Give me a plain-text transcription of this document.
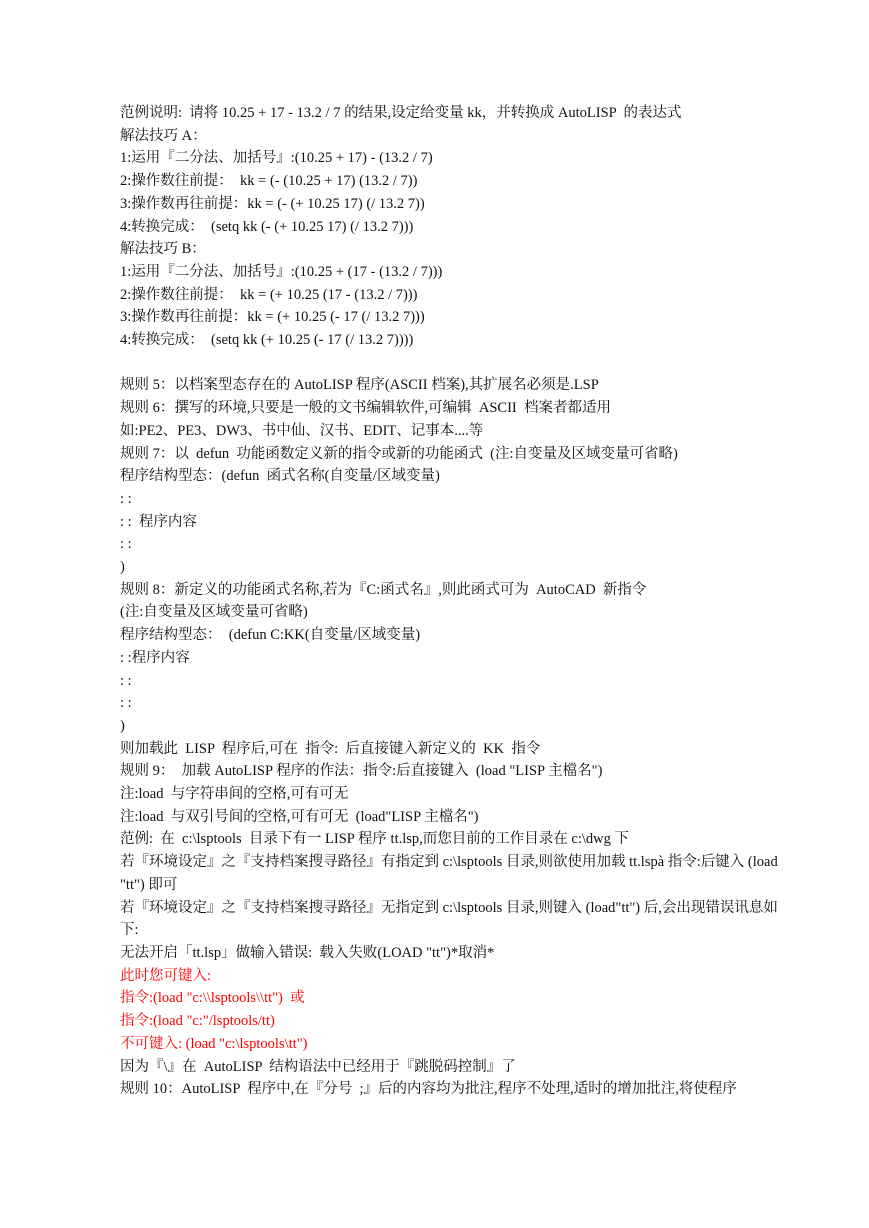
范例说明:  请将 10.25 + 17 - 13.2 / 7 的结果,设定给变量 kk，并转换成 AutoLISP  的表达式
解法技巧 A：
1:运用『二分法、加括号』:(10.25 + 17) - (13.2 / 7)
2:操作数往前提：  kk = (- (10.25 + 17) (13.2 / 7))
3:操作数再往前提：kk = (- (+ 10.25 17) (/ 13.2 7))
4:转换完成：  (setq kk (- (+ 10.25 17) (/ 13.2 7)))
解法技巧 B：
1:运用『二分法、加括号』:(10.25 + (17 - (13.2 / 7)))
2:操作数往前提：  kk = (+ 10.25 (17 - (13.2 / 7)))
3:操作数再往前提：kk = (+ 10.25 (- 17 (/ 13.2 7)))
4:转换完成：  (setq kk (+ 10.25 (- 17 (/ 13.2 7))))
规则 5：以档案型态存在的 AutoLISP 程序(ASCII 档案),其扩展名必须是.LSP
规则 6：撰写的环境,只要是一般的文书编辑软件,可编辑  ASCII  档案者都适用
如:PE2、PE3、DW3、书中仙、汉书、EDIT、记事本....等
规则 7：以  defun  功能函数定义新的指令或新的功能函式  (注:自变量及区域变量可省略)
程序结构型态：(defun  函式名称(自变量/区域变量)
: :
: :  程序内容
: :
)
规则 8：新定义的功能函式名称,若为『C:函式名』,则此函式可为  AutoCAD  新指令
(注:自变量及区域变量可省略)
程序结构型态：  (defun C:KK(自变量/区域变量)
: :程序内容
: :
: :
)
则加载此  LISP  程序后,可在  指令:  后直接键入新定义的  KK  指令
规则 9：  加载 AutoLISP 程序的作法：指令:后直接键入  (load "LISP 主檔名")
注:load  与字符串间的空格,可有可无
注:load  与双引号间的空格,可有可无  (load"LISP 主檔名")
范例:  在  c:\lsptools  目录下有一 LISP 程序 tt.lsp,而您目前的工作目录在 c:\dwg 下
若『环境设定』之『支持档案搜寻路径』有指定到 c:\lsptools 目录,则欲使用加载 tt.lspà 指令:后键入 (load "tt") 即可
若『环境设定』之『支持档案搜寻路径』无指定到 c:\lsptools 目录,则键入 (load"tt") 后,会出现错误讯息如下:
无法开启「tt.lsp」做输入错误:  载入失败(LOAD "tt")*取消*
此时您可键入:
指令:(load "c:\\lsptools\\tt")  或
指令:(load "c:"/lsptools/tt)
不可键入: (load "c:\lsptools\tt")
因为『\』在  AutoLISP  结构语法中已经用于『跳脱码控制』了
规则 10：AutoLISP  程序中,在『分号  ;』后的内容均为批注,程序不处理,适时的增加批注,将使程序
